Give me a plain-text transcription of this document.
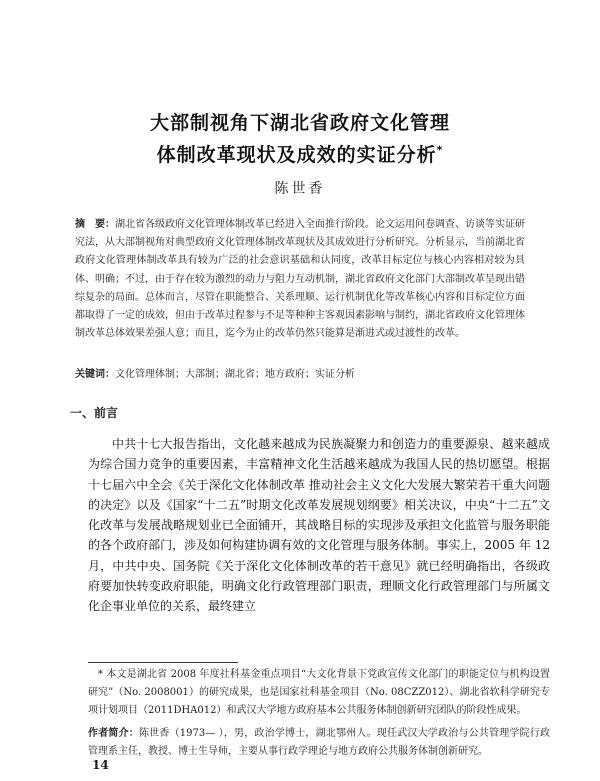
大部制视角下湖北省政府文化管理
体制改革现状及成效的实证分析*
陈世香
摘　要：湖北省各级政府文化管理体制改革已经进入全面推行阶段。论文运用问卷调查、访谈等实证研究法，从大部制视角对典型政府文化管理体制改革现状及其成效进行分析研究。分析显示，当前湖北省政府文化管理体制改革具有较为广泛的社会意识基础和认同度，改革目标定位与核心内容相对较为具体、明确；不过，由于存在较为激烈的动力与阻力互动机制，湖北省政府文化部门大部制改革呈现出错综复杂的局面。总体而言，尽管在职能整合、关系理顺、运行机制优化等改革核心内容和目标定位方面都取得了一定的成效，但由于改革过程参与不足等种种主客观因素影响与制约，湖北省政府文化管理体制改革总体效果差强人意；而且，迄今为止的改革仍然只能算是渐进式或过渡性的改革。
关键词：文化管理体制；大部制；湖北省；地方政府；实证分析
一、前言

中共十七大报告指出，文化越来越成为民族凝聚力和创造力的重要源泉、越来越成为综合国力竞争的重要因素，丰富精神文化生活越来越成为我国人民的热切愿望。根据十七届六中全会《关于深化文化体制改革 推动社会主义文化大发展大繁荣若干重大问题的决定》以及《国家“十二五”时期文化改革发展规划纲要》相关决议，中央“十二五”文化改革与发展战略规划业已全面铺开，其战略目标的实现涉及承担文化监管与服务职能的各个政府部门，涉及如何构建协调有效的文化管理与服务体制。事实上，2005 年 12 月，中共中央、国务院《关于深化文化体制改革的若干意见》就已经明确指出，各级政府要加快转变政府职能，明确文化行政管理部门职责，理顺文化行政管理部门与所属文化企事业单位的关系，最终建立

* 本文是湖北省 2008 年度社科基金重点项目“大文化背景下党政宣传文化部门的职能定位与机构设置研究”（No. 2008001）的研究成果，也是国家社科基金项目（No. 08CZZ012）、湖北省软科学研究专项计划项目（2011DHA012）和武汉大学地方政府基本公共服务体制创新研究团队的阶段性成果。
作者简介：陈世香（1973— ），男，政治学博士，湖北鄂州人。现任武汉大学政治与公共管理学院行政管理系主任，教授、博士生导师，主要从事行政学理论与地方政府公共服务体制创新研究。
14
